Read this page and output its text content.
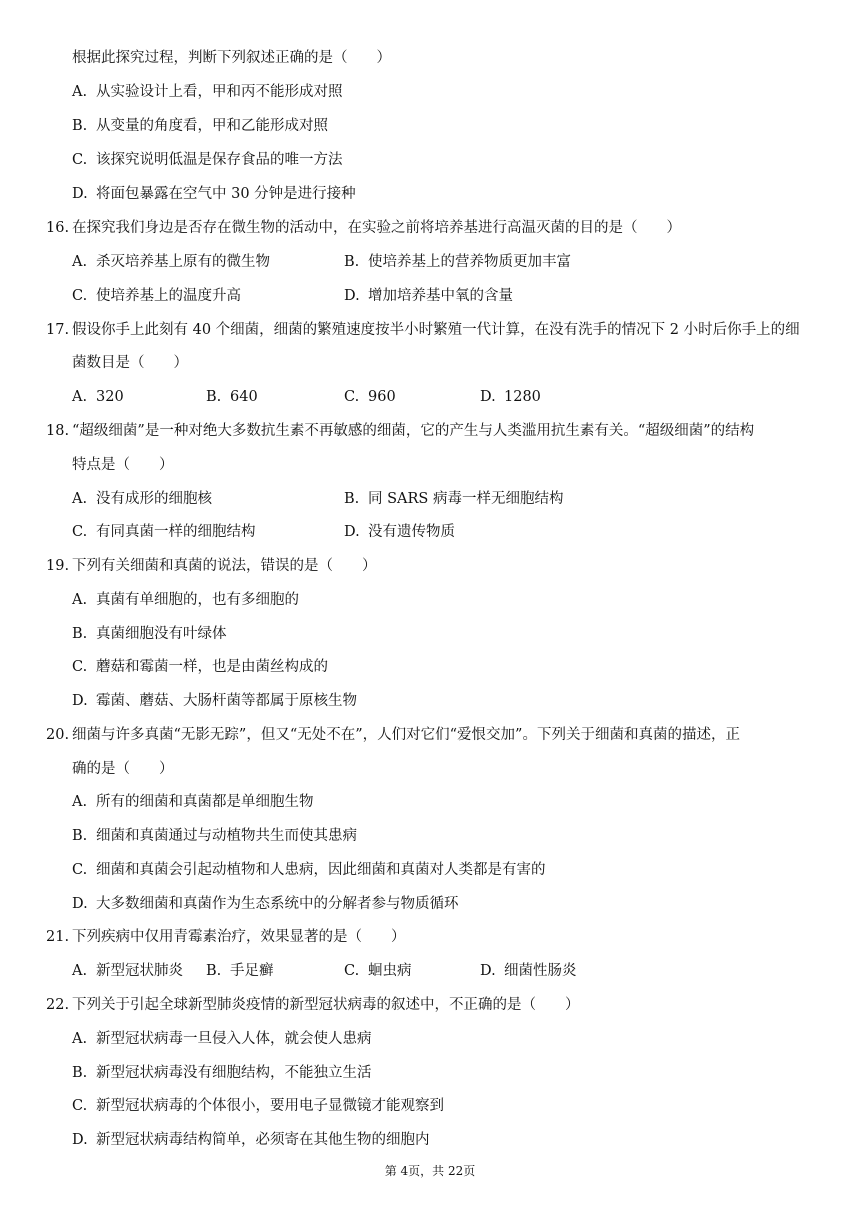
根据此探究过程，判断下列叙述正确的是（　　）
A. 从实验设计上看，甲和丙不能形成对照
B. 从变量的角度看，甲和乙能形成对照
C. 该探究说明低温是保存食品的唯一方法
D. 将面包暴露在空气中 30 分钟是进行接种
16. 在探究我们身边是否存在微生物的活动中，在实验之前将培养基进行高温灭菌的目的是（　　）
A. 杀灭培养基上原有的微生物	B. 使培养基上的营养物质更加丰富
C. 使培养基上的温度升高	D. 增加培养基中氧的含量
17. 假设你手上此刻有 40 个细菌，细菌的繁殖速度按半小时繁殖一代计算，在没有洗手的情况下 2 小时后你手上的细
菌数目是（　　）
A. 320	B. 640	C. 960	D. 1280
18. “超级细菌”是一种对绝大多数抗生素不再敏感的细菌，它的产生与人类滥用抗生素有关。“超级细菌”的结构
特点是（　　）
A. 没有成形的细胞核	B. 同 SARS 病毒一样无细胞结构
C. 有同真菌一样的细胞结构	D. 没有遗传物质
19. 下列有关细菌和真菌的说法，错误的是（　　）
A. 真菌有单细胞的，也有多细胞的
B. 真菌细胞没有叶绿体
C. 蘑菇和霉菌一样，也是由菌丝构成的
D. 霉菌、蘑菇、大肠杆菌等都属于原核生物
20. 细菌与许多真菌“无影无踪”，但又“无处不在”，人们对它们“爱恨交加”。下列关于细菌和真菌的描述，正
确的是（　　）
A. 所有的细菌和真菌都是单细胞生物
B. 细菌和真菌通过与动植物共生而使其患病
C. 细菌和真菌会引起动植物和人患病，因此细菌和真菌对人类都是有害的
D. 大多数细菌和真菌作为生态系统中的分解者参与物质循环
21. 下列疾病中仅用青霉素治疗，效果显著的是（　　）
A. 新型冠状肺炎 B. 手足癣	C. 蛔虫病	D. 细菌性肠炎
22. 下列关于引起全球新型肺炎疫情的新型冠状病毒的叙述中，不正确的是（　　）
A. 新型冠状病毒一旦侵入人体，就会使人患病
B. 新型冠状病毒没有细胞结构，不能独立生活
C. 新型冠状病毒的个体很小，要用电子显微镜才能观察到
D. 新型冠状病毒结构简单，必须寄在其他生物的细胞内
第 4页，共 22页
